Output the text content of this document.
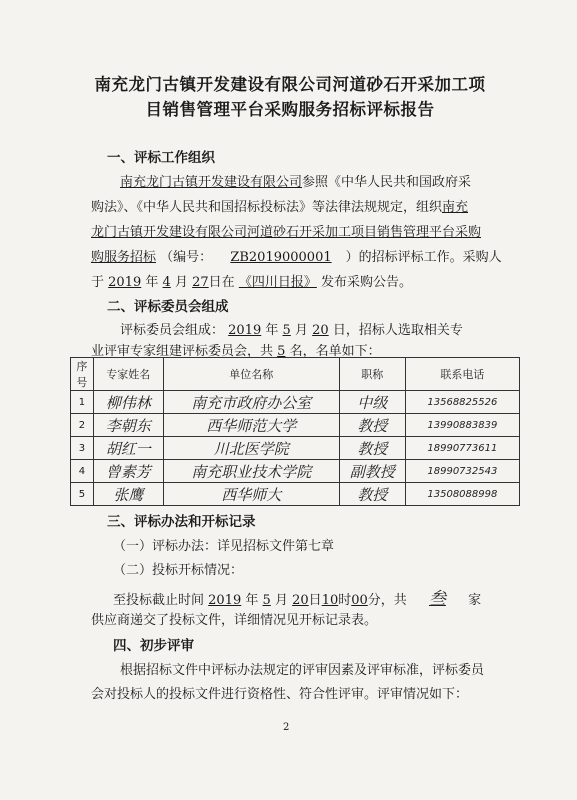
南充龙门古镇开发建设有限公司河道砂石开采加工项
目销售管理平台采购服务招标评标报告
一、评标工作组织
南充龙门古镇开发建设有限公司参照《中华人民共和国政府采
购法》、《中华人民共和国招标投标法》等法律法规规定，组织南充
龙门古镇开发建设有限公司河道砂石开采加工项目销售管理平台采购
购服务招标 （编号： ZB2019000001 ）的招标评标工作。采购人
于 2019 年 4 月 27日在 《四川日报》 发布采购公告。
二、评标委员会组成
评标委员会组成： 2019 年 5 月 20 日，招标人选取相关专
业评审专家组建评标委员会，共 5 名，名单如下：
序号	专家姓名	单位名称	职称	联系电话
1	柳伟林	南充市政府办公室	中级	13568825526
2	李朝东	西华师范大学	教授	13990883839
3	胡红一	川北医学院	教授	18990773611
4	曾素芳	南充职业技术学院	副教授	18990732543
5	张鹰	西华师大	教授	13508088998
三、评标办法和开标记录
（一）评标办法：详见招标文件第七章
（二）投标开标情况：
至投标截止时间 2019 年 5 月 20日10时00分，共 叁 家
供应商递交了投标文件，详细情况见开标记录表。
四、初步评审
根据招标文件中评标办法规定的评审因素及评审标准，评标委员
会对投标人的投标文件进行资格性、符合性评审。评审情况如下：
2
